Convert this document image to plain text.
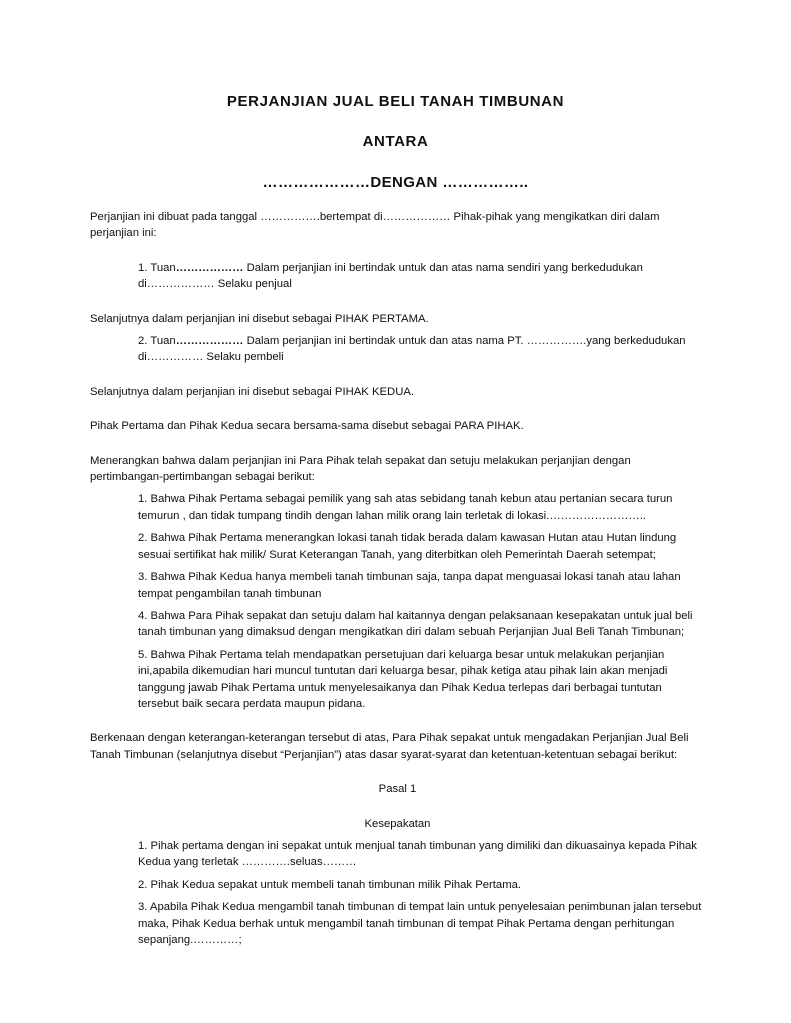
PERJANJIAN JUAL BELI TANAH TIMBUNAN
ANTARA
…………………DENGAN ……………..

Perjanjian ini dibuat pada tanggal …………….bertempat di……………… Pihak-pihak yang mengikatkan diri dalam perjanjian ini:

1. Tuan……………… Dalam perjanjian ini bertindak untuk dan atas nama sendiri yang berkedudukan di……………… Selaku penjual

Selanjutnya dalam perjanjian ini disebut sebagai PIHAK PERTAMA.

2. Tuan……………… Dalam perjanjian ini bertindak untuk dan atas nama PT. …………….yang berkedudukan di…………… Selaku pembeli

Selanjutnya dalam perjanjian ini disebut sebagai PIHAK KEDUA.

Pihak Pertama dan Pihak Kedua secara bersama-sama disebut sebagai PARA PIHAK.

Menerangkan bahwa dalam perjanjian ini Para Pihak telah sepakat dan setuju melakukan perjanjian dengan pertimbangan-pertimbangan sebagai berikut:

1. Bahwa Pihak Pertama sebagai pemilik yang sah atas sebidang tanah kebun atau pertanian secara turun temurun , dan tidak tumpang tindih dengan lahan milik orang lain terletak di lokasi.……………………..
2. Bahwa Pihak Pertama menerangkan lokasi tanah tidak berada dalam kawasan Hutan atau Hutan lindung sesuai sertifikat hak milik/ Surat Keterangan Tanah, yang diterbitkan oleh Pemerintah Daerah setempat;
3. Bahwa Pihak Kedua hanya membeli tanah timbunan saja, tanpa dapat menguasai lokasi tanah atau lahan tempat pengambilan tanah timbunan
4. Bahwa Para Pihak sepakat dan setuju dalam hal kaitannya dengan pelaksanaan kesepakatan untuk jual beli tanah timbunan yang dimaksud dengan mengikatkan diri dalam sebuah Perjanjian Jual Beli Tanah Timbunan;
5. Bahwa Pihak Pertama telah mendapatkan persetujuan dari keluarga besar untuk melakukan perjanjian ini,apabila dikemudian hari muncul tuntutan dari keluarga besar, pihak ketiga atau pihak lain akan menjadi tanggung jawab Pihak Pertama untuk menyelesaikanya dan Pihak Kedua terlepas dari berbagai tuntutan tersebut baik secara perdata maupun pidana.

Berkenaan dengan keterangan-keterangan tersebut di atas, Para Pihak sepakat untuk mengadakan Perjanjian Jual Beli Tanah Timbunan (selanjutnya disebut “Perjanjian”) atas dasar syarat-syarat dan ketentuan-ketentuan sebagai berikut:

Pasal 1

Kesepakatan

1. Pihak pertama dengan ini sepakat untuk menjual tanah timbunan yang dimiliki dan dikuasainya kepada Pihak Kedua yang terletak ………….seluas………
2. Pihak Kedua sepakat untuk membeli tanah timbunan milik Pihak Pertama.
3. Apabila Pihak Kedua mengambil tanah timbunan di tempat lain untuk penyelesaian penimbunan jalan tersebut maka, Pihak Kedua berhak untuk mengambil tanah timbunan di tempat Pihak Pertama dengan perhitungan sepanjang.…………;
